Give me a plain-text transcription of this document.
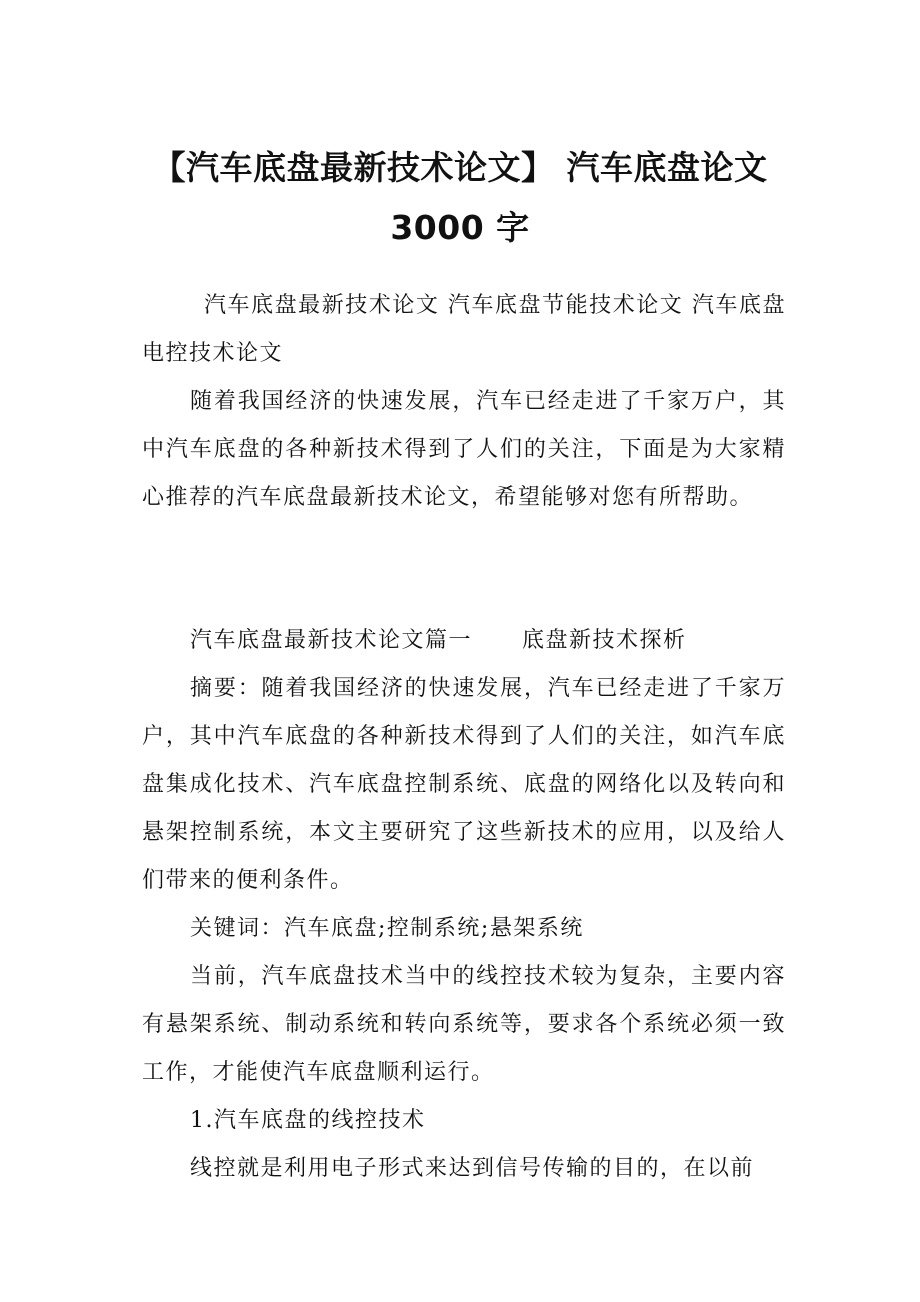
【汽车底盘最新技术论文】 汽车底盘论文
3000 字

汽车底盘最新技术论文 汽车底盘节能技术论文 汽车底盘电控技术论文

随着我国经济的快速发展，汽车已经走进了千家万户，其中汽车底盘的各种新技术得到了人们的关注，下面是为大家精心推荐的汽车底盘最新技术论文，希望能够对您有所帮助。

汽车底盘最新技术论文篇一 底盘新技术探析

摘要：随着我国经济的快速发展，汽车已经走进了千家万户，其中汽车底盘的各种新技术得到了人们的关注，如汽车底盘集成化技术、汽车底盘控制系统、底盘的网络化以及转向和悬架控制系统，本文主要研究了这些新技术的应用，以及给人们带来的便利条件。

关键词：汽车底盘;控制系统;悬架系统

当前，汽车底盘技术当中的线控技术较为复杂，主要内容有悬架系统、制动系统和转向系统等，要求各个系统必须一致工作，才能使汽车底盘顺利运行。

1.汽车底盘的线控技术

线控就是利用电子形式来达到信号传输的目的，在以前
